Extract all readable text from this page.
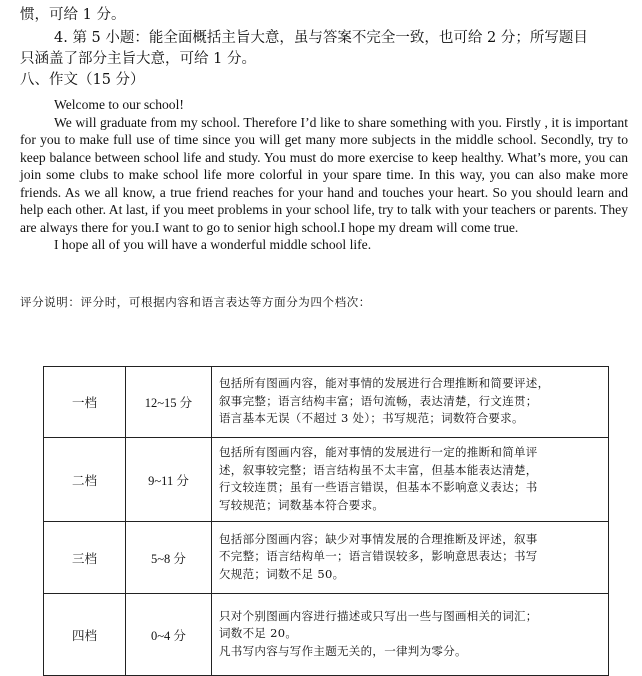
惯，可给 1 分。
4. 第 5 小题：能全面概括主旨大意，虽与答案不完全一致，也可给 2 分；所写题目
只涵盖了部分主旨大意，可给 1 分。
八、作文（15 分）

Welcome to our school!

We will graduate from my school. Therefore I’d like to share something with you. Firstly , it is important for you to make full use of time since you will get many more subjects in the middle school. Secondly, try to keep balance between school life and study. You must do more exercise to keep healthy. What’s more, you can join some clubs to make school life more colorful in your spare time. In this way, you can also make more friends. As we all know, a true friend reaches for your hand and touches your heart. So you should learn and help each other. At last, if you meet problems in your school life, try to talk with your teachers or parents. They are always there for you.I want to go to senior high school.I hope my dream will come true.

I hope all of you will have a wonderful middle school life.

评分说明：评分时，可根据内容和语言表达等方面分为四个档次：
一档	12~15 分	包括所有图画内容，能对事情的发展进行合理推断和简要评述，
叙事完整；语言结构丰富；语句流畅，表达清楚，行文连贯；
语言基本无误（不超过 3 处）；书写规范；词数符合要求。

二档	9~11 分	包括所有图画内容，能对事情的发展进行一定的推断和简单评
述，叙事较完整；语言结构虽不太丰富，但基本能表达清楚，
行文较连贯；虽有一些语言错误，但基本不影响意义表达；书
写较规范；词数基本符合要求。

三档	5~8 分	包括部分图画内容；缺少对事情发展的合理推断及评述，叙事
不完整；语言结构单一；语言错误较多，影响意思表达；书写
欠规范；词数不足 50。

四档	0~4 分	只对个别图画内容进行描述或只写出一些与图画相关的词汇；
词数不足 20。
凡书写内容与写作主题无关的，一律判为零分。
